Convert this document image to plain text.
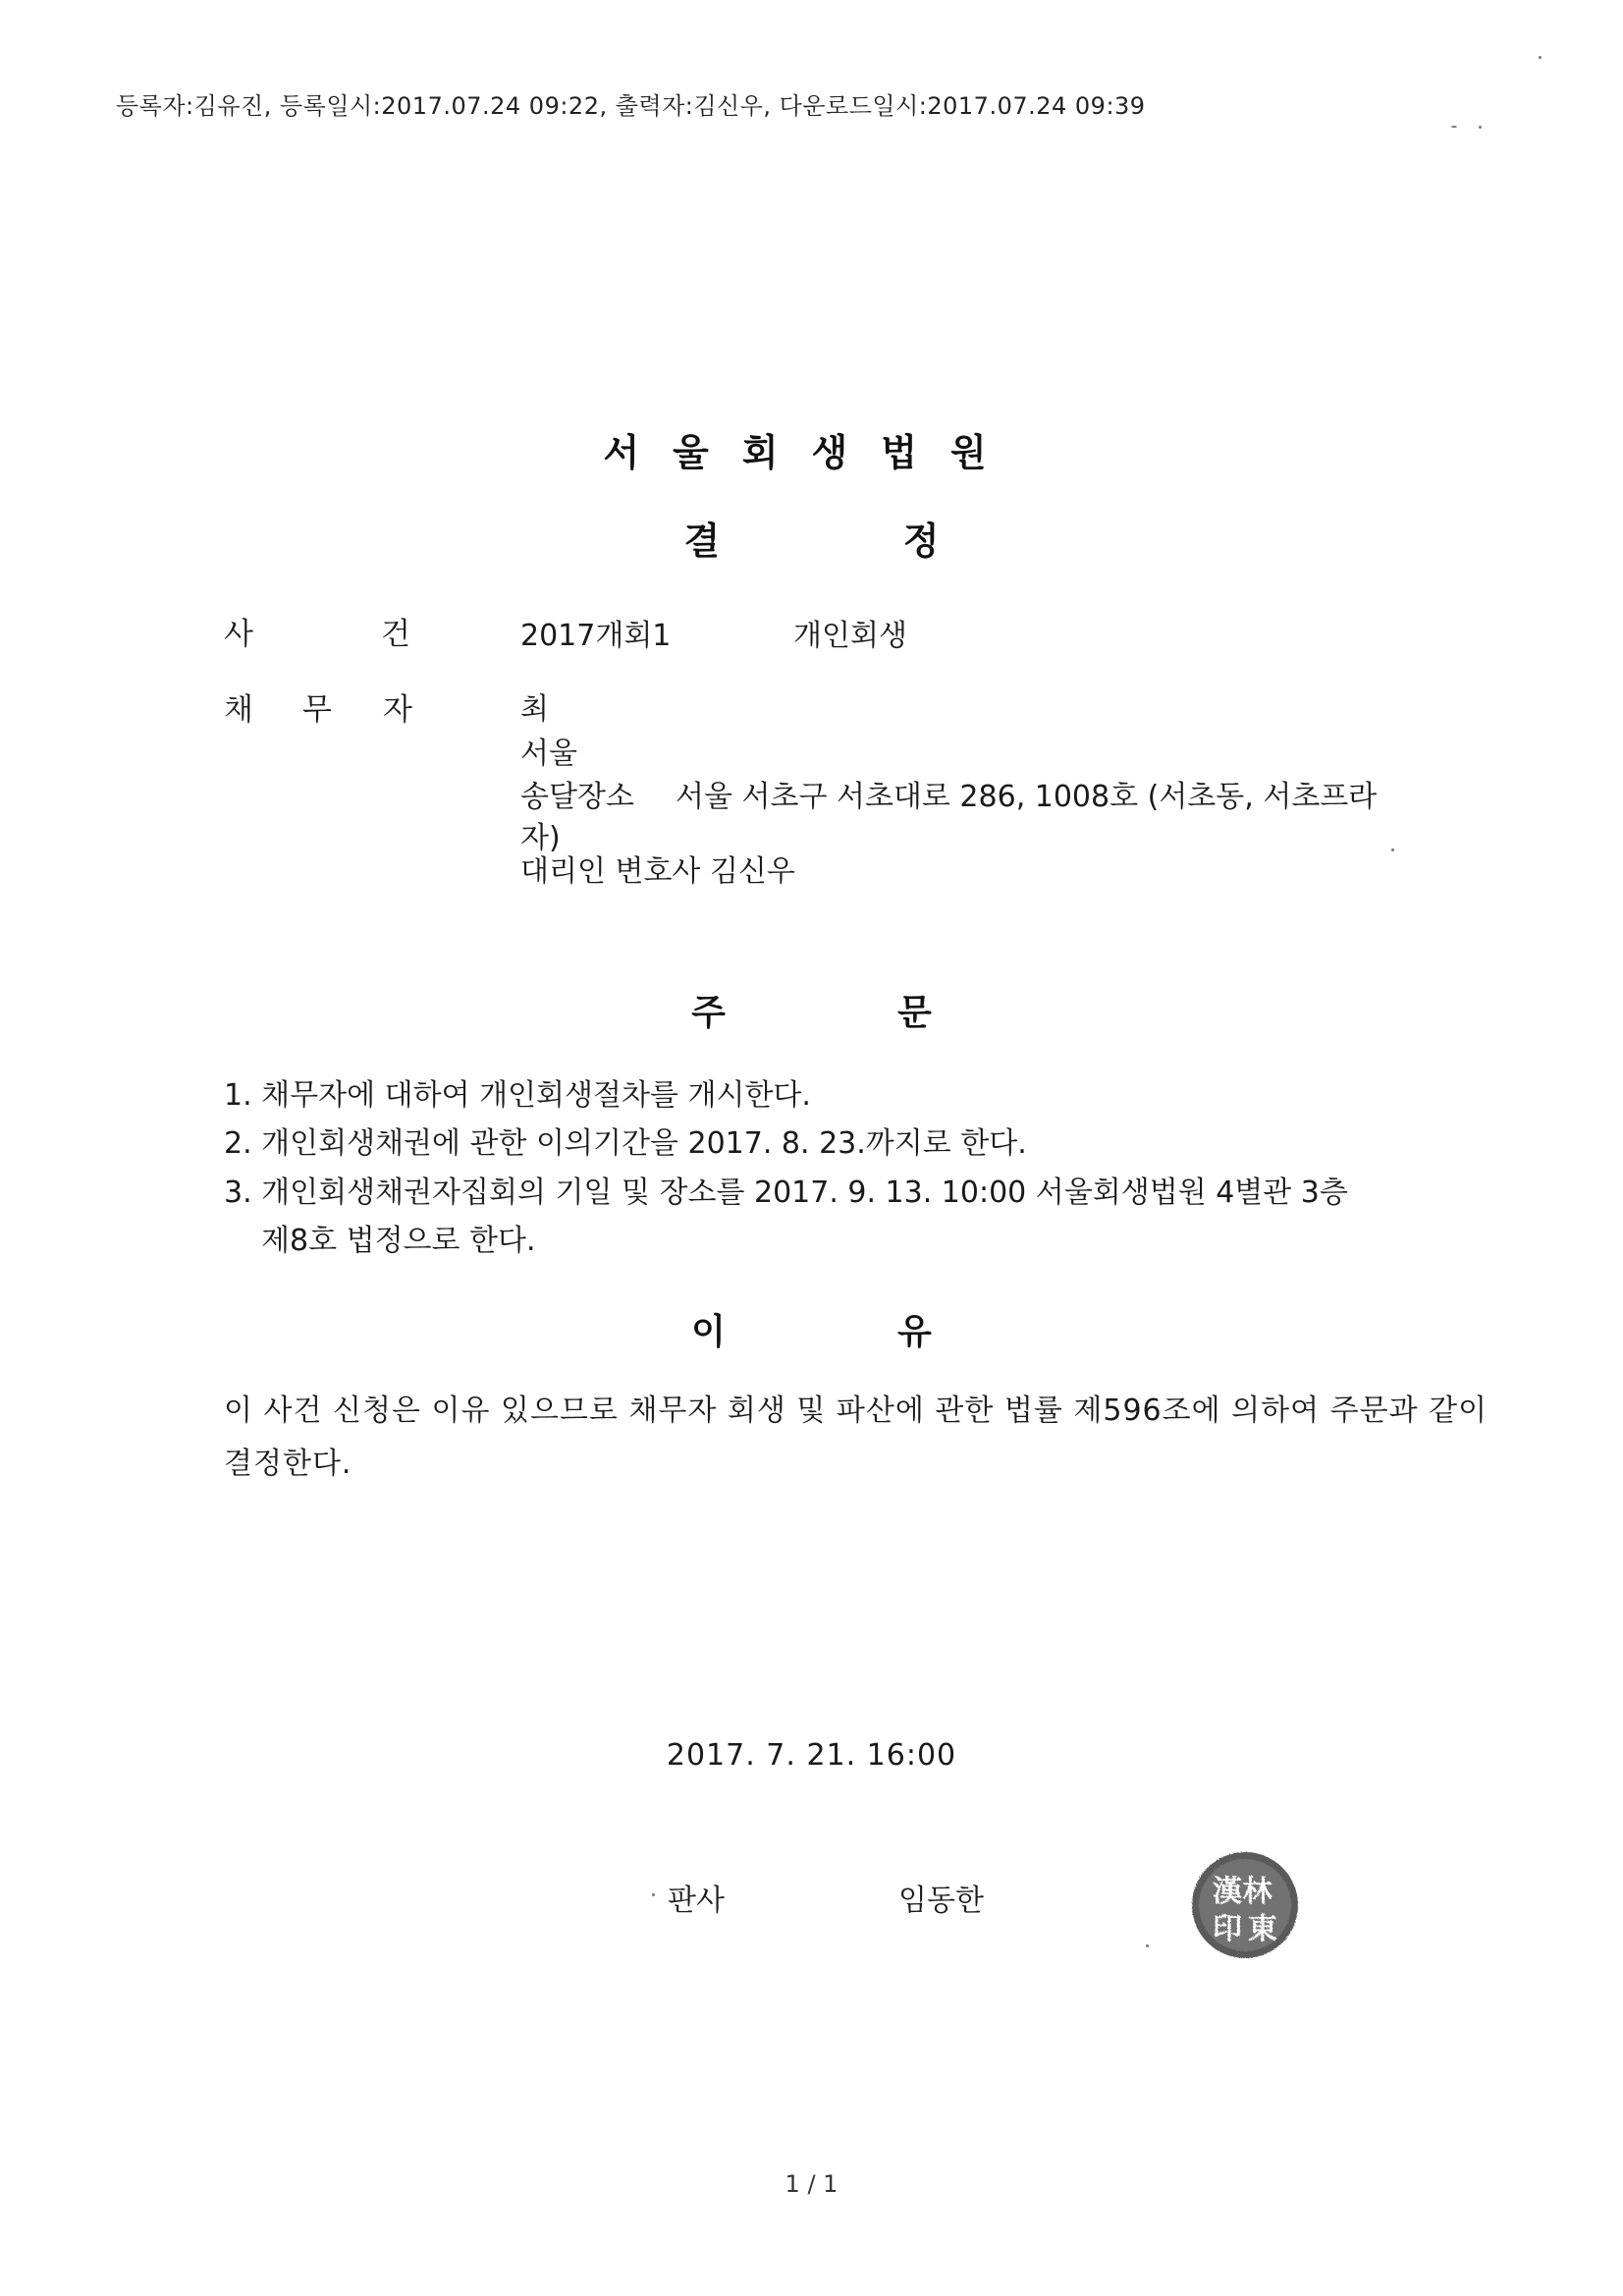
등록자:김유진, 등록일시:2017.07.24 09:22, 출력자:김신우, 다운로드일시:2017.07.24 09:39
서울회생법원
결	정
사	건	2017개회1	개인회생
채 무 자	최
서울
송달장소 서울 서초구 서초대로 286, 1008호 (서초동, 서초프라
자)
대리인 변호사 김신우
주	문
1. 채무자에 대하여 개인회생절차를 개시한다.
2. 개인회생채권에 관한 이의기간을 2017. 8. 23.까지로 한다.
3. 개인회생채권자집회의 기일 및 장소를 2017. 9. 13. 10:00 서울회생법원 4별관 3층
제8호 법정으로 한다.
이	유
이 사건 신청은 이유 있으므로 채무자 회생 및 파산에 관한 법률 제596조에 의하여 주문과 같이 결정한다.
2017. 7. 21. 16:00
판사	임동한	漢林 印 東
1 / 1
